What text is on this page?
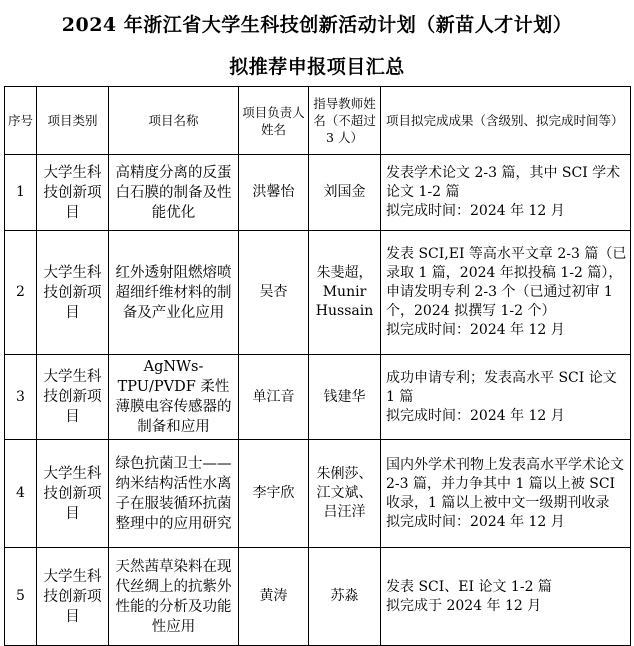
2024 年浙江省大学生科技创新活动计划（新苗人才计划）
拟推荐申报项目汇总
序号	项目类别	项目名称	项目负责人姓名	指导教师姓名（不超过 3 人）	项目拟完成成果（含级别、拟完成时间等）
1	大学生科技创新项目	高精度分离的反蛋白石膜的制备及性能优化	洪馨怡	刘国金	发表学术论文 2-3 篇，其中 SCI 学术论文 1-2 篇
拟完成时间：2024 年 12 月

2	大学生科技创新项目	红外透射阻燃熔喷超细纤维材料的制备及产业化应用	吴杏	朱斐超，Munir Hussain	发表 SCI,EI 等高水平文章 2-3 篇（已录取 1 篇，2024 年拟投稿 1-2 篇），申请发明专利 2-3 个（已通过初审 1 个，2024 拟撰写 1-2 个）
拟完成时间：2024 年 12 月

3	大学生科技创新项目	AgNWs-TPU/PVDF 柔性薄膜电容传感器的制备和应用	单江音	钱建华	成功申请专利；发表高水平 SCI 论文 1 篇
拟完成时间：2024 年 12 月

4	大学生科技创新项目	绿色抗菌卫士——纳米结构活性水离子在服装循环抗菌整理中的应用研究	李宇欣	朱俐莎、江文斌、吕汪洋	国内外学术刊物上发表高水平学术论文 2-3 篇，并力争其中 1 篇以上被 SCI 收录，1 篇以上被中文一级期刊收录
拟完成时间：2024 年 12 月

5	大学生科技创新项目	天然茜草染料在现代丝绸上的抗紫外性能的分析及功能性应用	黄涛	苏淼	发表 SCI、EI 论文 1-2 篇
拟完成于 2024 年 12 月
